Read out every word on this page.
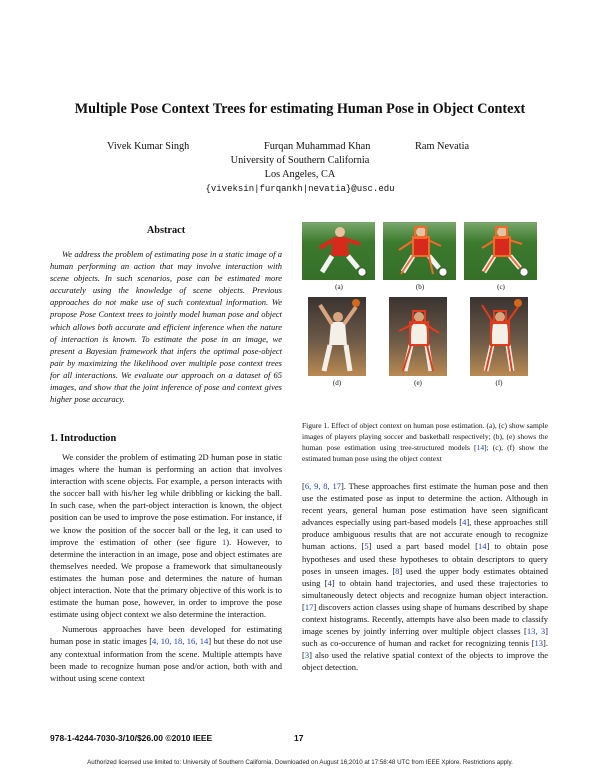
Multiple Pose Context Trees for estimating Human Pose in Object Context
Vivek Kumar Singh	Furqan Muhammad Khan	Ram Nevatia
University of Southern California
Los Angeles, CA
{viveksin|furqankh|nevatia}@usc.edu
Abstract

We address the problem of estimating pose in a static image of a human performing an action that may involve interaction with scene objects. In such scenarios, pose can be estimated more accurately using the knowledge of scene objects. Previous approaches do not make use of such contextual information. We propose Pose Context trees to jointly model human pose and object which allows both accurate and efficient inference when the nature of interaction is known. To estimate the pose in an image, we present a Bayesian framework that infers the optimal pose-object pair by maximizing the likelihood over multiple pose context trees for all interactions. We evaluate our approach on a dataset of 65 images, and show that the joint inference of pose and context gives higher pose accuracy.

1. Introduction

We consider the problem of estimating 2D human pose in static images where the human is performing an action that involves interaction with scene objects. For example, a person interacts with the soccer ball with his/her leg while dribbling or kicking the ball. In such case, when the part-object interaction is known, the object position can be used to improve the pose estimation. For instance, if we know the position of the soccer ball or the leg, it can used to improve the estimation of other (see figure 1). However, to determine the interaction in an image, pose and object estimates are themselves needed. We propose a framework that simultaneously estimates the human pose and determines the nature of human object interaction. Note that the primary objective of this work is to estimate the human pose, however, in order to improve the pose estimate using object context we also determine the interaction.

Numerous approaches have been developed for estimating human pose in static images [4, 10, 18, 16, 14] but these do not use any contextual information from the scene. Multiple attempts have been made to recognize human pose and/or action, both with and without using scene context

(a)	(b)	(c)
(d)	(e)	(f)
Figure 1. Effect of object context on human pose estimation. (a), (c) show sample images of players playing soccer and basketball respectively; (b), (e) shows the human pose estimation using tree-structured models [14]; (c), (f) show the estimated human pose using the object context

[6, 9, 8, 17]. These approaches first estimate the human pose and then use the estimated pose as input to determine the action. Although in recent years, general human pose estimation have seen significant advances especially using part-based models [4], these approaches still produce ambiguous results that are not accurate enough to recognize human actions. [5] used a part based model [14] to obtain pose hypotheses and used these hypotheses to obtain descriptors to query poses in unseen images. [8] used the upper body estimates obtained using [4] to obtain hand trajectories, and used these trajectories to simultaneously detect objects and recognize human object interaction. [17] discovers action classes using shape of humans described by shape context histograms. Recently, attempts have also been made to classify image scenes by jointly inferring over multiple object classes [13, 3] such as co-occurence of human and racket for recognizing tennis [13]. [3] also used the relative spatial context of the objects to improve the object detection.

978-1-4244-7030-3/10/$26.00 ©2010 IEEE	17
Authorized licensed use limited to: University of Southern California. Downloaded on August 16,2010 at 17:58:48 UTC from IEEE Xplore. Restrictions apply.
